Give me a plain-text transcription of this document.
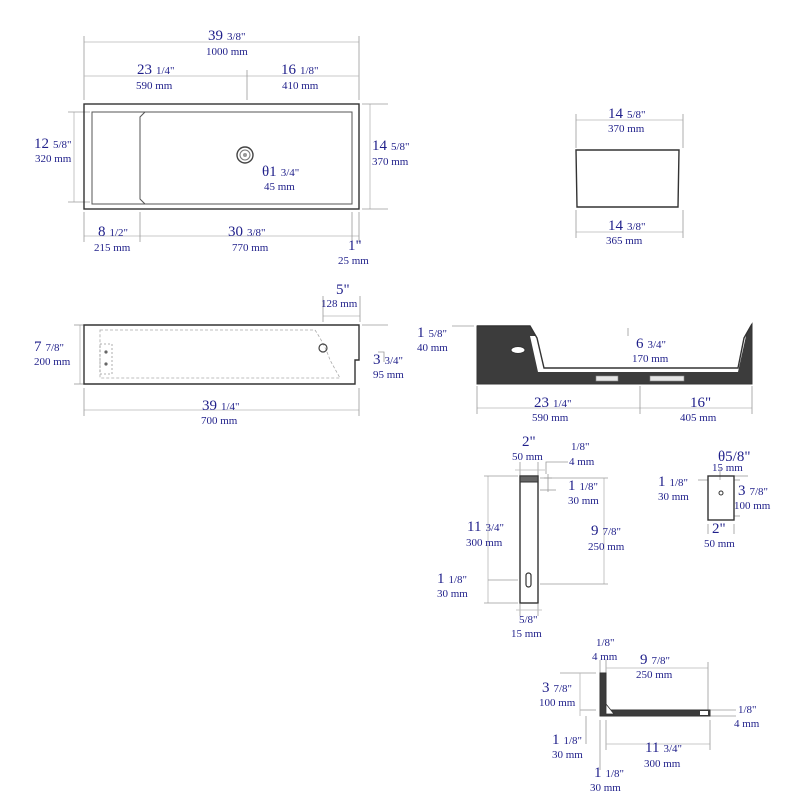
39 3/8"
1000 mm
23 1/4"
590 mm
16 1/8"
410 mm
12 5/8"
320 mm
14 5/8"
370 mm
θ1 3/4"
45 mm
8 1/2"
215 mm
30 3/8"
770 mm	1"
25 mm
14 5/8"
370 mm
14 3/8"
365 mm
5"
128 mm
7 7/8"
200 mm	3 3/4"
95 mm
39 1/4"
700 mm
1 5/8"
40 mm	6 3/4"
170 mm
23 1/4"
590 mm
16"
405 mm
2"
50 mm
1/8"
4 mm
1 1/8"
30 mm
11 3/4"
300 mm
9 7/8"
250 mm
1 1/8"
30 mm
5/8"
15 mm
θ5/8"
15 mm
1 1/8"
30 mm	3 7/8"
100 mm
2"
50 mm
1/8"
4 mm 9 7/8"
250 mm
3 7/8"
100 mm
1/8"
4 mm
1 1/8"
30 mm	11 3/4"
300 mm
1 1/8"
30 mm
